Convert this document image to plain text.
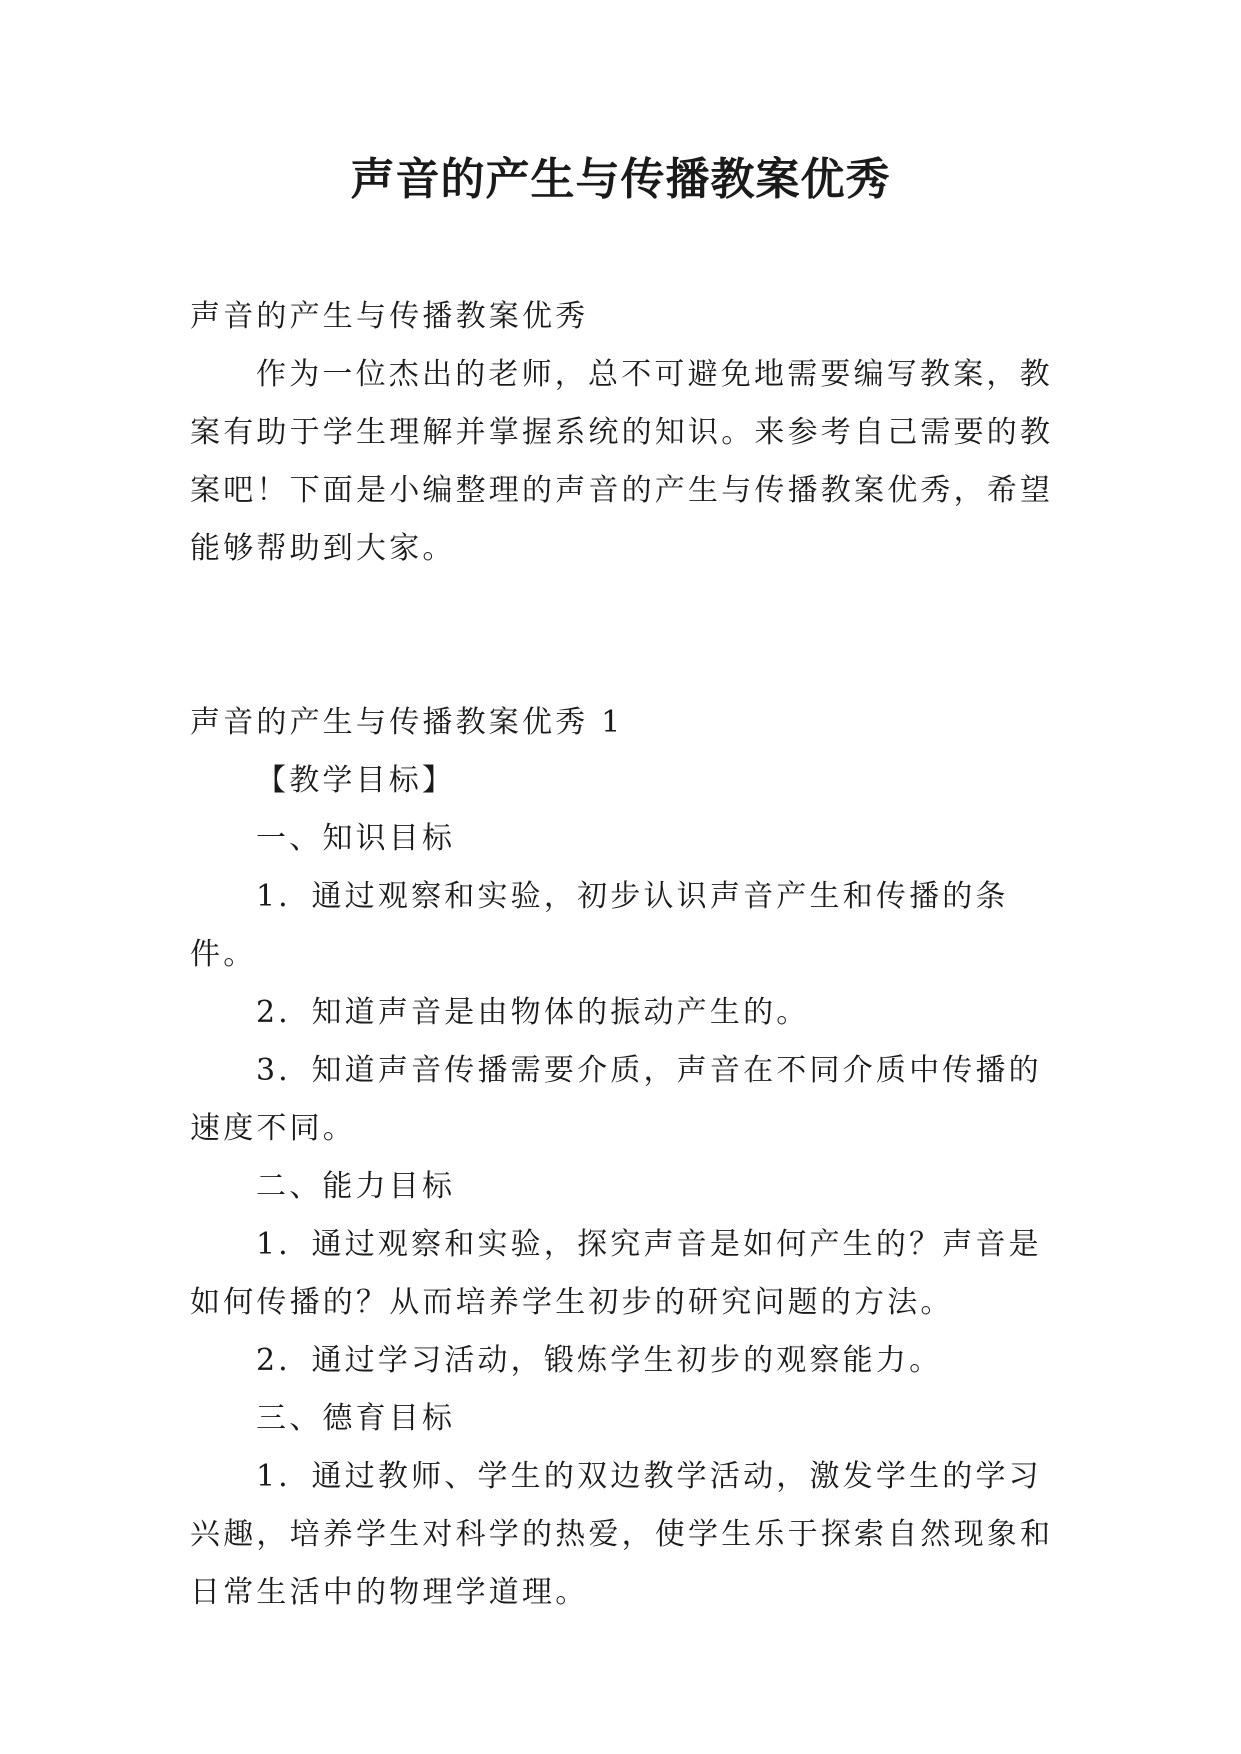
声音的产生与传播教案优秀

声音的产生与传播教案优秀

作为一位杰出的老师，总不可避免地需要编写教案，教案有助于学生理解并掌握系统的知识。来参考自己需要的教案吧！下面是小编整理的声音的产生与传播教案优秀，希望能够帮助到大家。

声音的产生与传播教案优秀 1

【教学目标】

一、知识目标

1．通过观察和实验，初步认识声音产生和传播的条件。

2．知道声音是由物体的振动产生的。

3．知道声音传播需要介质，声音在不同介质中传播的速度不同。

二、能力目标

1．通过观察和实验，探究声音是如何产生的？声音是如何传播的？从而培养学生初步的研究问题的方法。

2．通过学习活动，锻炼学生初步的观察能力。

三、德育目标

1．通过教师、学生的双边教学活动，激发学生的学习兴趣，培养学生对科学的热爱，使学生乐于探索自然现象和日常生活中的物理学道理。
